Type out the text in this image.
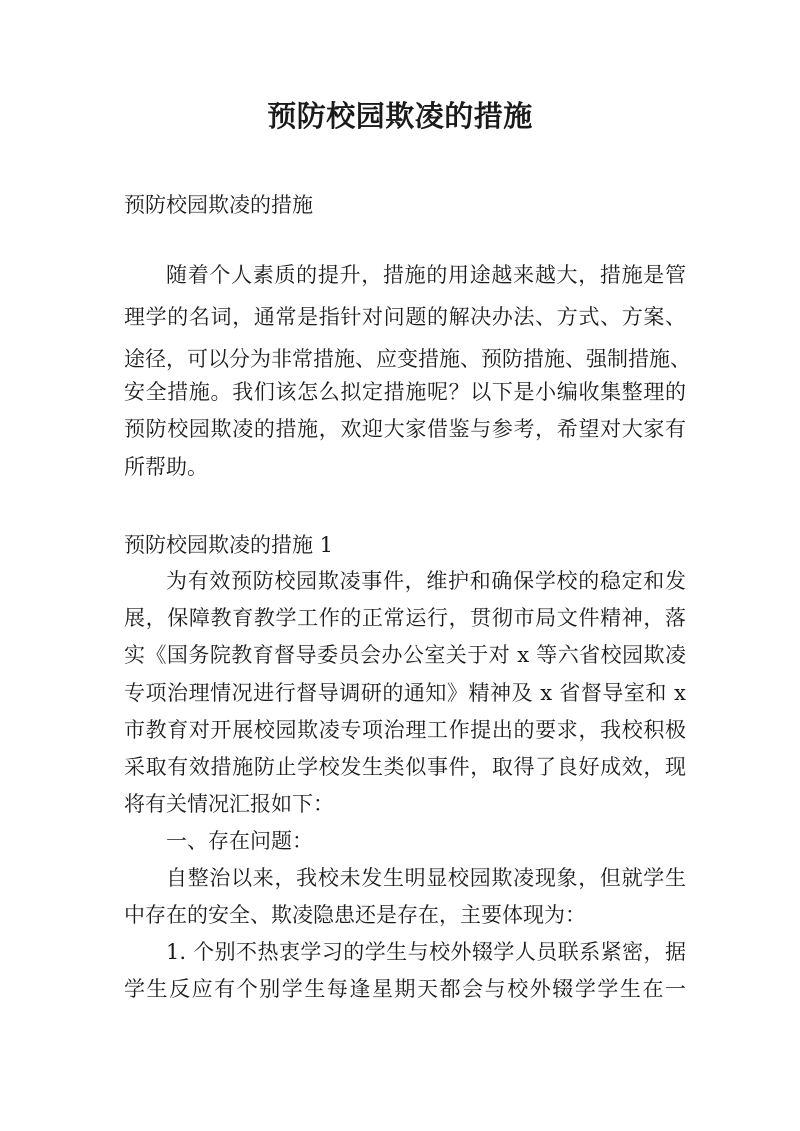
预防校园欺凌的措施
预防校园欺凌的措施
随着个人素质的提升，措施的用途越来越大，措施是管
理学的名词，通常是指针对问题的解决办法、方式、方案、
途径，可以分为非常措施、应变措施、预防措施、强制措施、
安全措施。我们该怎么拟定措施呢？以下是小编收集整理的
预防校园欺凌的措施，欢迎大家借鉴与参考，希望对大家有
所帮助。
预防校园欺凌的措施 1
为有效预防校园欺凌事件，维护和确保学校的稳定和发
展，保障教育教学工作的正常运行，贯彻市局文件精神，落
实《国务院教育督导委员会办公室关于对 x 等六省校园欺凌
专项治理情况进行督导调研的通知》精神及 x 省督导室和 x
市教育对开展校园欺凌专项治理工作提出的要求，我校积极
采取有效措施防止学校发生类似事件，取得了良好成效，现
将有关情况汇报如下：
一、存在问题：
自整治以来，我校未发生明显校园欺凌现象，但就学生
中存在的安全、欺凌隐患还是存在，主要体现为：
1. 个别不热衷学习的学生与校外辍学人员联系紧密，据
学生反应有个别学生每逢星期天都会与校外辍学学生在一
